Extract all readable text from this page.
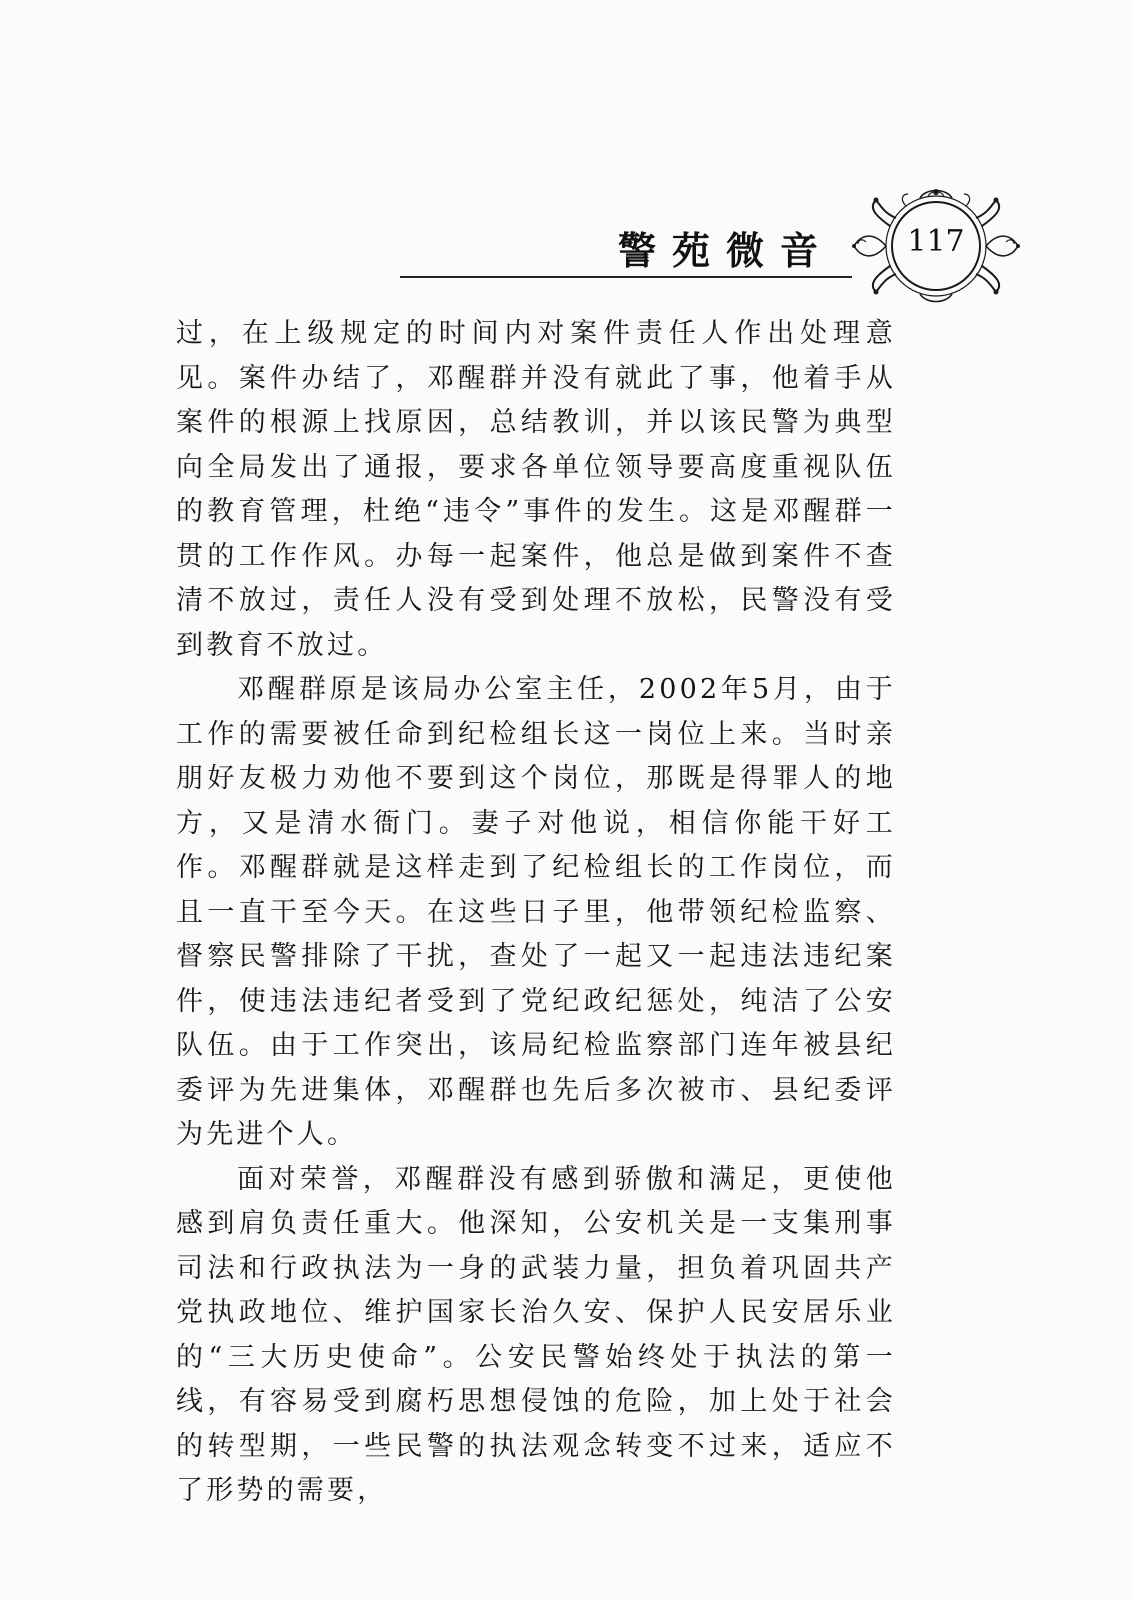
警苑微音	117

过，在上级规定的时间内对案件责任人作出处理意见。案件办结了，邓醒群并没有就此了事，他着手从案件的根源上找原因，总结教训，并以该民警为典型向全局发出了通报，要求各单位领导要高度重视队伍的教育管理，杜绝“违令”事件的发生。这是邓醒群一贯的工作作风。办每一起案件，他总是做到案件不查清不放过，责任人没有受到处理不放松，民警没有受到教育不放过。

邓醒群原是该局办公室主任，2002年5月，由于工作的需要被任命到纪检组长这一岗位上来。当时亲朋好友极力劝他不要到这个岗位，那既是得罪人的地方，又是清水衙门。妻子对他说，相信你能干好工作。邓醒群就是这样走到了纪检组长的工作岗位，而且一直干至今天。在这些日子里，他带领纪检监察、督察民警排除了干扰，查处了一起又一起违法违纪案件，使违法违纪者受到了党纪政纪惩处，纯洁了公安队伍。由于工作突出，该局纪检监察部门连年被县纪委评为先进集体，邓醒群也先后多次被市、县纪委评为先进个人。

面对荣誉，邓醒群没有感到骄傲和满足，更使他感到肩负责任重大。他深知，公安机关是一支集刑事司法和行政执法为一身的武装力量，担负着巩固共产党执政地位、维护国家长治久安、保护人民安居乐业的“三大历史使命”。公安民警始终处于执法的第一线，有容易受到腐朽思想侵蚀的危险，加上处于社会的转型期，一些民警的执法观念转变不过来，适应不了形势的需要，
